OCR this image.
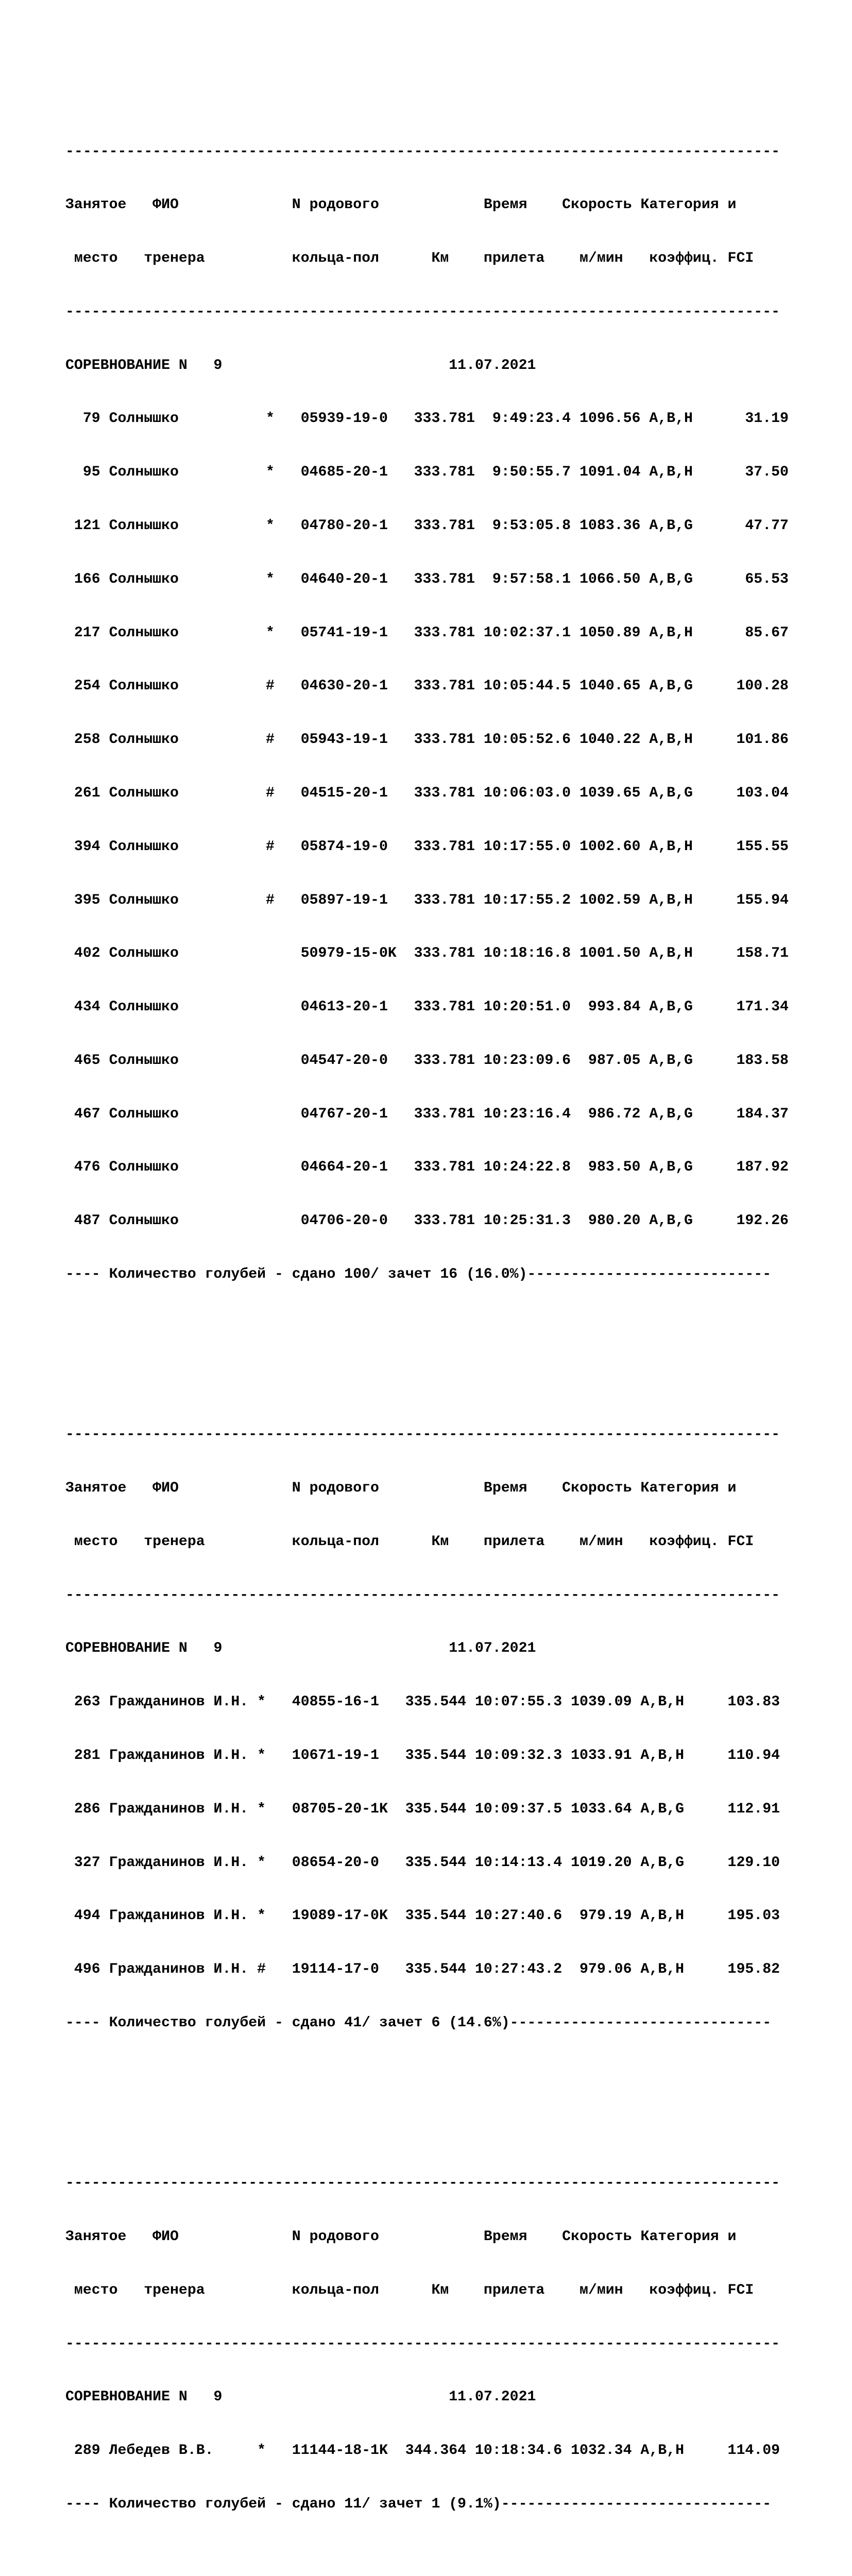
----------------------------------------------------------------------------------

Занятое   ФИО             N родового            Время    Скорость Категория и

место   тренера          кольца-пол      Км    прилета    м/мин   коэффиц. FCI

----------------------------------------------------------------------------------

СОРЕВНОВАНИЕ N   9                          11.07.2021

79 Солнышко          *   05939-19-0   333.781  9:49:23.4 1096.56 A,B,H      31.19

95 Солнышко          *   04685-20-1   333.781  9:50:55.7 1091.04 A,B,H      37.50

121 Солнышко          *   04780-20-1   333.781  9:53:05.8 1083.36 A,B,G      47.77

166 Солнышко          *   04640-20-1   333.781  9:57:58.1 1066.50 A,B,G      65.53

217 Солнышко          *   05741-19-1   333.781 10:02:37.1 1050.89 A,B,H      85.67

254 Солнышко          #   04630-20-1   333.781 10:05:44.5 1040.65 A,B,G     100.28

258 Солнышко          #   05943-19-1   333.781 10:05:52.6 1040.22 A,B,H     101.86

261 Солнышко          #   04515-20-1   333.781 10:06:03.0 1039.65 A,B,G     103.04

394 Солнышко          #   05874-19-0   333.781 10:17:55.0 1002.60 A,B,H     155.55

395 Солнышко          #   05897-19-1   333.781 10:17:55.2 1002.59 A,B,H     155.94

402 Солнышко              50979-15-0K  333.781 10:18:16.8 1001.50 A,B,H     158.71

434 Солнышко              04613-20-1   333.781 10:20:51.0  993.84 A,B,G     171.34

465 Солнышко              04547-20-0   333.781 10:23:09.6  987.05 A,B,G     183.58

467 Солнышко              04767-20-1   333.781 10:23:16.4  986.72 A,B,G     184.37

476 Солнышко              04664-20-1   333.781 10:24:22.8  983.50 A,B,G     187.92

487 Солнышко              04706-20-0   333.781 10:25:31.3  980.20 A,B,G     192.26

---- Количество голубей - сдано 100/ зачет 16 (16.0%)----------------------------

----------------------------------------------------------------------------------

Занятое   ФИО             N родового            Время    Скорость Категория и

место   тренера          кольца-пол      Км    прилета    м/мин   коэффиц. FCI

----------------------------------------------------------------------------------

СОРЕВНОВАНИЕ N   9                          11.07.2021

263 Гражданинов И.Н. *   40855-16-1   335.544 10:07:55.3 1039.09 A,B,H     103.83

281 Гражданинов И.Н. *   10671-19-1   335.544 10:09:32.3 1033.91 A,B,H     110.94

286 Гражданинов И.Н. *   08705-20-1K  335.544 10:09:37.5 1033.64 A,B,G     112.91

327 Гражданинов И.Н. *   08654-20-0   335.544 10:14:13.4 1019.20 A,B,G     129.10

494 Гражданинов И.Н. *   19089-17-0K  335.544 10:27:40.6  979.19 A,B,H     195.03

496 Гражданинов И.Н. #   19114-17-0   335.544 10:27:43.2  979.06 A,B,H     195.82

---- Количество голубей - сдано 41/ зачет 6 (14.6%)------------------------------

----------------------------------------------------------------------------------

Занятое   ФИО             N родового            Время    Скорость Категория и

место   тренера          кольца-пол      Км    прилета    м/мин   коэффиц. FCI

----------------------------------------------------------------------------------

СОРЕВНОВАНИЕ N   9                          11.07.2021

289 Лебедев В.В.     *   11144-18-1K  344.364 10:18:34.6 1032.34 A,B,H     114.09

---- Количество голубей - сдано 11/ зачет 1 (9.1%)-------------------------------
